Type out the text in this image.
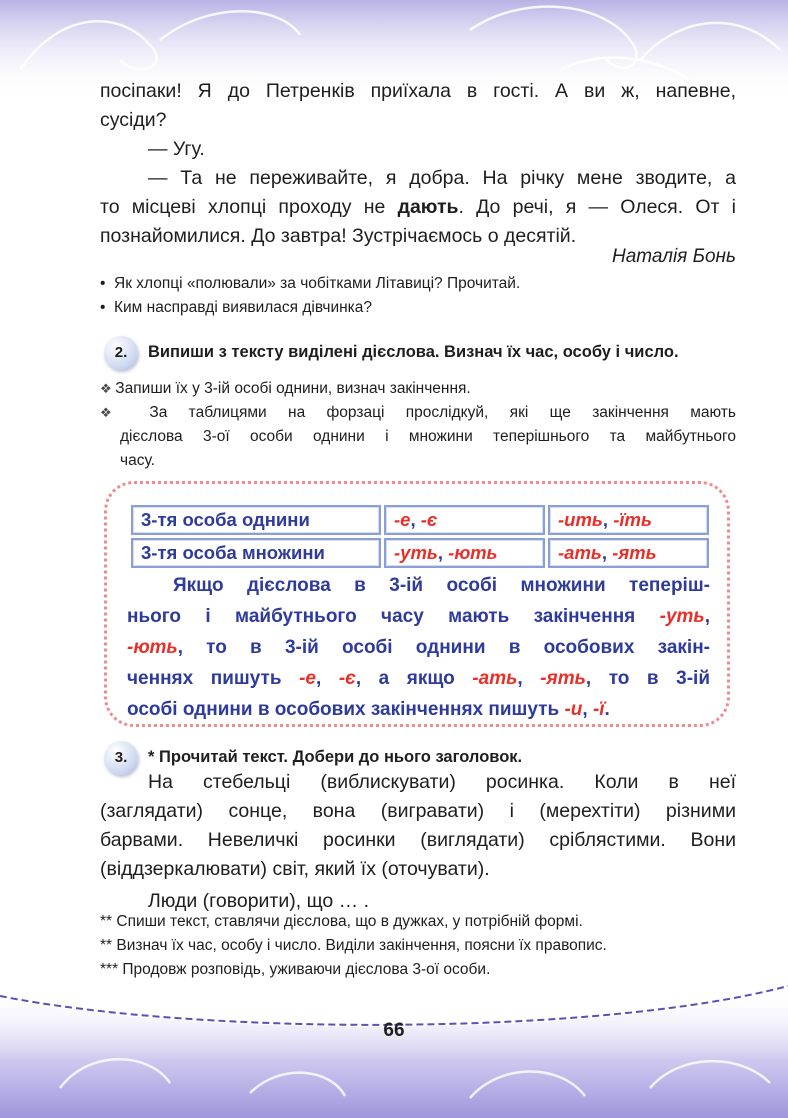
посіпаки! Я до Петренків приїхала в гості. А ви ж, напевне,

сусіди?

— Угу.

— Та не переживайте, я добра. На річку мене зводите, а

то місцеві хлопці проходу не дають. До речі, я — Олеся. От і

познайомилися. До завтра! Зустрічаємось о десятій.

Наталія Бонь
• Як хлопці «полювали» за чобітками Літавиці? Прочитай.
• Ким насправді виявилася дівчинка?
2.	Випиши з тексту виділені дієслова. Визнач їх час, особу і число.
❖ Запиши їх у 3-ій особі однини, визнач закінчення.
❖ За таблицями на форзаці прослідкуй, які ще закінчення мають
дієслова 3-ої особи однини і множини теперішнього та майбутнього
часу.
3-тя особа однини	-е, -є	-ить, -їть
3-тя особа множини	-уть, -ють	-ать, -ять
Якщо дієслова в 3-ій особі множини теперіш-
нього і майбутнього часу мають закінчення -уть,
-ють, то в 3-ій особі однини в особових закін-
ченнях пишуть -е, -є, а якщо -ать, -ять, то в 3-ій
особі однини в особових закінченнях пишуть -и, -ї.
3.	* Прочитай текст. Добери до нього заголовок.
На стебельці (виблискувати) росинка. Коли в неї
(заглядати) сонце, вона (вигравати) і (мерехтіти) різними
барвами. Невеличкі росинки (виглядати) сріблястими. Вони
(віддзеркалювати) світ, який їх (оточувати).
Люди (говорити), що … .
** Спиши текст, ставлячи дієслова, що в дужках, у потрібній формі.
** Визнач їх час, особу і число. Виділи закінчення, поясни їх правопис.
*** Продовж розповідь, уживаючи дієслова 3-ої особи.
66
